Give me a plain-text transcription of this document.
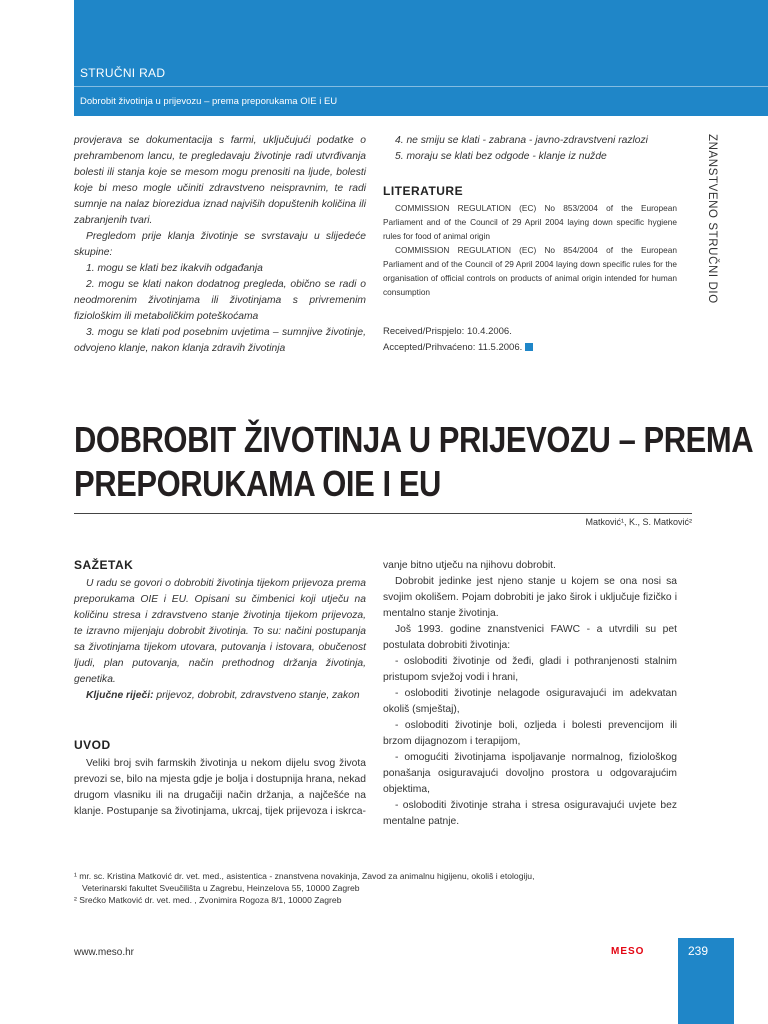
STRUČNI RAD
Dobrobit životinja u prijevozu – prema preporukama OIE i EU
ZNANSTVENO STRUČNI DIO

provjerava se dokumentacija s farmi, uključujući podatke o prehrambenom lancu, te pregledavaju životinje radi utvrđivanja bolesti ili stanja koje se mesom mogu prenositi na ljude, bolesti koje bi meso mogle učiniti zdravstveno neispravnim, te radi sumnje na nalaz biorezidua iznad najviših dopuštenih količina ili zabranjenih tvari.

Pregledom prije klanja životinje se svrstavaju u slijedeće skupine:

1. mogu se klati bez ikakvih odgađanja

2. mogu se klati nakon dodatnog pregleda, obično se radi o neodmorenim životinjama ili životinjama s privremenim fiziološkim ili metaboličkim poteškoćama

3. mogu se klati pod posebnim uvjetima – sumnjive životinje, odvojeno klanje, nakon klanja zdravih životinja

4. ne smiju se klati - zabrana - javno-zdravstveni razlozi

5. moraju se klati bez odgode - klanje iz nužde

LITERATURE

COMMISSION REGULATION (EC) No 853/2004 of the European Parliament and of the Council of 29 April 2004 laying down specific hygiene rules for food of animal origin

COMMISSION REGULATION (EC) No 854/2004 of the European Parliament and of the Council of 29 April 2004 laying down specific rules for the organisation of official controls on products of animal origin intended for human consumption

Received/Prispjelo: 10.4.2006.
Accepted/Prihvaćeno: 11.5.2006.
DOBROBIT ŽIVOTINJA U PRIJEVOZU – PREMA
PREPORUKAMA OIE I EU
Matković¹, K., S. Matković²
SAŽETAK

U radu se govori o dobrobiti životinja tijekom prijevoza prema preporukama OIE i EU. Opisani su čimbenici koji utječu na količinu stresa i zdravstveno stanje životinja tijekom prijevoza, te izravno mijenjaju dobrobit životinja. To su: načini postupanja sa životinjama tijekom utovara, putovanja i istovara, obučenost ljudi, plan putovanja, način prethodnog držanja životinja, genetika.

Ključne riječi: prijevoz, dobrobit, zdravstveno stanje, zakon

UVOD

Veliki broj svih farmskih životinja u nekom dijelu svog života prevozi se, bilo na mjesta gdje je bolja i dostupnija hrana, nekad drugom vlasniku ili na drugačiji način držanja, a najčešće na klanje. Postupanje sa životinjama, ukrcaj, tijek prijevoza i iskrca-

vanje bitno utječu na njihovu dobrobit.

Dobrobit jedinke jest njeno stanje u kojem se ona nosi sa svojim okolišem. Pojam dobrobiti je jako širok i uključuje fizičko i mentalno stanje životinja.

Još 1993. godine znanstvenici FAWC - a utvrdili su pet postulata dobrobiti životinja:

- osloboditi životinje od žeđi, gladi i pothranjenosti stalnim pristupom svježoj vodi i hrani,

- osloboditi životinje nelagode osiguravajući im adekvatan okoliš (smještaj),

- osloboditi životinje boli, ozljeda i bolesti prevencijom ili brzom dijagnozom i terapijom,

- omogućiti životinjama ispoljavanje normalnog, fiziološkog ponašanja osiguravajući dovoljno prostora u odgovarajućim objektima,

- osloboditi životinje straha i stresa osiguravajući uvjete bez mentalne patnje.

¹ mr. sc. Kristina Matković dr. vet. med., asistentica - znanstvena novakinja, Zavod za animalnu higijenu, okoliš i etologiju,
Veterinarski fakultet Sveučilišta u Zagrebu, Heinzelova 55, 10000 Zagreb
² Srećko Matković dr. vet. med. , Zvonimira Rogoza 8/1, 10000 Zagreb
www.meso.hr	MESO	239
